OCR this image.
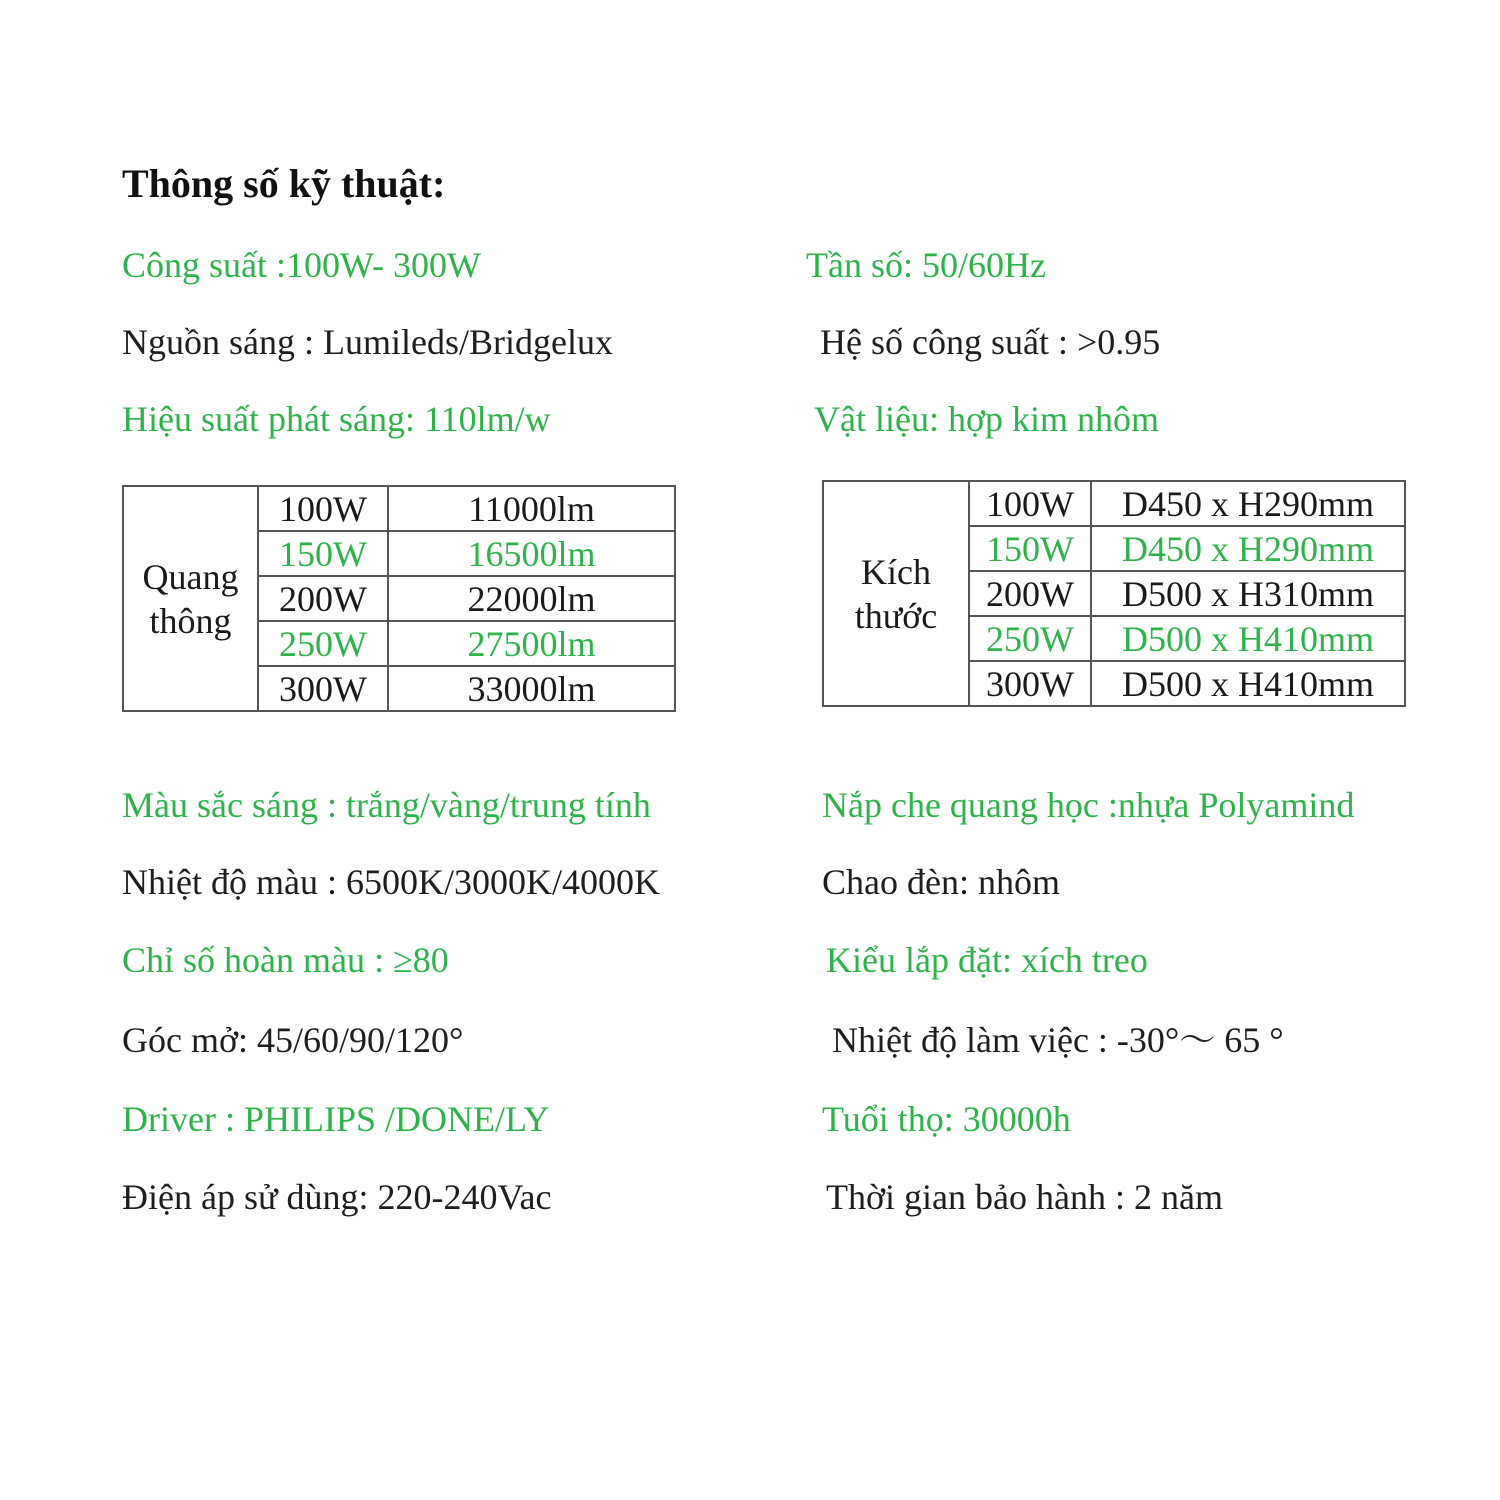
Thông số kỹ thuật:
Công suất :100W- 300W
Nguồn sáng : Lumileds/Bridgelux
Hiệu suất phát sáng: 110lm/w
Tần số: 50/60Hz
Hệ số công suất : >0.95
Vật liệu: hợp kim nhôm
Quang
thông	100W	11000lm
	150W	16500lm
	200W	22000lm
	250W	27500lm
	300W	33000lm
Kích
thước	100W	D450 x H290mm
	150W	D450 x H290mm
	200W	D500 x H310mm
	250W	D500 x H410mm
	300W	D500 x H410mm
Màu sắc sáng : trắng/vàng/trung tính
Nhiệt độ màu : 6500K/3000K/4000K
Chỉ số hoàn màu : ≥80
Góc mở: 45/60/90/120°
Driver : PHILIPS /DONE/LY
Điện áp sử dùng: 220-240Vac
Nắp che quang học :nhựa Polyamind
Chao đèn: nhôm
Kiểu lắp đặt: xích treo
Nhiệt độ làm việc : -30°～ 65 °
Tuổi thọ: 30000h
Thời gian bảo hành : 2 năm
